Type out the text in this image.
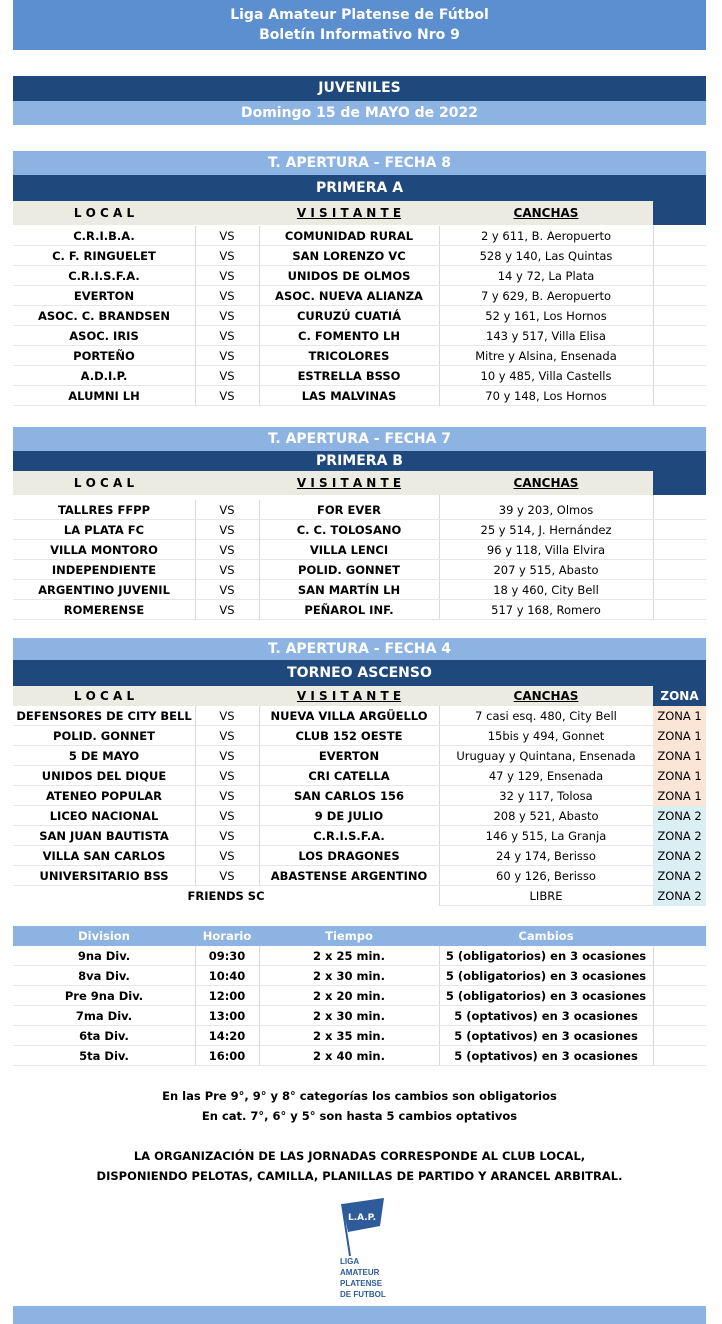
Liga Amateur Platense de Fútbol
Boletín Informativo Nro 9
JUVENILES
Domingo 15 de MAYO de 2022
T. APERTURA - FECHA 8
PRIMERA A
L O C A L	V I S I T A N T E	CANCHAS
C.R.I.B.A.	VS	COMUNIDAD RURAL	2 y 611, B. Aeropuerto
C. F. RINGUELET	VS	SAN LORENZO VC	528 y 140, Las Quintas
C.R.I.S.F.A.	VS	UNIDOS DE OLMOS	14 y 72, La Plata
EVERTON	VS	ASOC. NUEVA ALIANZA	7 y 629, B. Aeropuerto
ASOC. C. BRANDSEN	VS	CURUZÚ CUATIÁ	52 y 161, Los Hornos
ASOC. IRIS	VS	C. FOMENTO LH	143 y 517, Villa Elisa
PORTEÑO	VS	TRICOLORES	Mitre y Alsina, Ensenada
A.D.I.P.	VS	ESTRELLA BSSO	10 y 485, Villa Castells
ALUMNI LH	VS	LAS MALVINAS	70 y 148, Los Hornos
T. APERTURA - FECHA 7
PRIMERA B
L O C A L	V I S I T A N T E	CANCHAS
TALLRES FFPP	VS	FOR EVER	39 y 203, Olmos
LA PLATA FC	VS	C. C. TOLOSANO	25 y 514, J. Hernández
VILLA MONTORO	VS	VILLA LENCI	96 y 118, Villa Elvira
INDEPENDIENTE	VS	POLID. GONNET	207 y 515, Abasto
ARGENTINO JUVENIL	VS	SAN MARTÍN LH	18 y 460, City Bell
ROMERENSE	VS	PEÑAROL INF.	517 y 168, Romero
T. APERTURA - FECHA 4
TORNEO ASCENSO
ZONA
L O C A L	V I S I T A N T E	CANCHAS
DEFENSORES DE CITY BELL	VS	NUEVA VILLA ARGÜELLO	7 casi esq. 480, City Bell	ZONA 1
POLID. GONNET	VS	CLUB 152 OESTE	15bis y 494, Gonnet	ZONA 1
5 DE MAYO	VS	EVERTON	Uruguay y Quintana, Ensenada	ZONA 1
UNIDOS DEL DIQUE	VS	CRI CATELLA	47 y 129, Ensenada	ZONA 1
ATENEO POPULAR	VS	SAN CARLOS 156	32 y 117, Tolosa	ZONA 1
LICEO NACIONAL	VS	9 DE JULIO	208 y 521, Abasto	ZONA 2
SAN JUAN BAUTISTA	VS	C.R.I.S.F.A.	146 y 515, La Granja	ZONA 2
VILLA SAN CARLOS	VS	LOS DRAGONES	24 y 174, Berisso	ZONA 2
UNIVERSITARIO BSS	VS	ABASTENSE ARGENTINO	60 y 126, Berisso	ZONA 2
FRIENDS SC	LIBRE	ZONA 2
Division	Horario	Tiempo	Cambios
9na Div.	09:30	2 x 25 min.	5 (obligatorios) en 3 ocasiones
8va Div.	10:40	2 x 30 min.	5 (obligatorios) en 3 ocasiones
Pre 9na Div.	12:00	2 x 20 min.	5 (obligatorios) en 3 ocasiones
7ma Div.	13:00	2 x 30 min.	5 (optativos) en 3 ocasiones
6ta Div.	14:20	2 x 35 min.	5 (optativos) en 3 ocasiones
5ta Div.	16:00	2 x 40 min.	5 (optativos) en 3 ocasiones
En las Pre 9°, 9° y 8° categorías los cambios son obligatorios
En cat. 7°, 6° y 5° son hasta 5 cambios optativos
LA ORGANIZACIÓN DE LAS JORNADAS CORRESPONDE AL CLUB LOCAL,
DISPONIENDO PELOTAS, CAMILLA, PLANILLAS DE PARTIDO Y ARANCEL ARBITRAL.
L.A.P.
LIGA
AMATEUR
PLATENSE
DE FUTBOL
